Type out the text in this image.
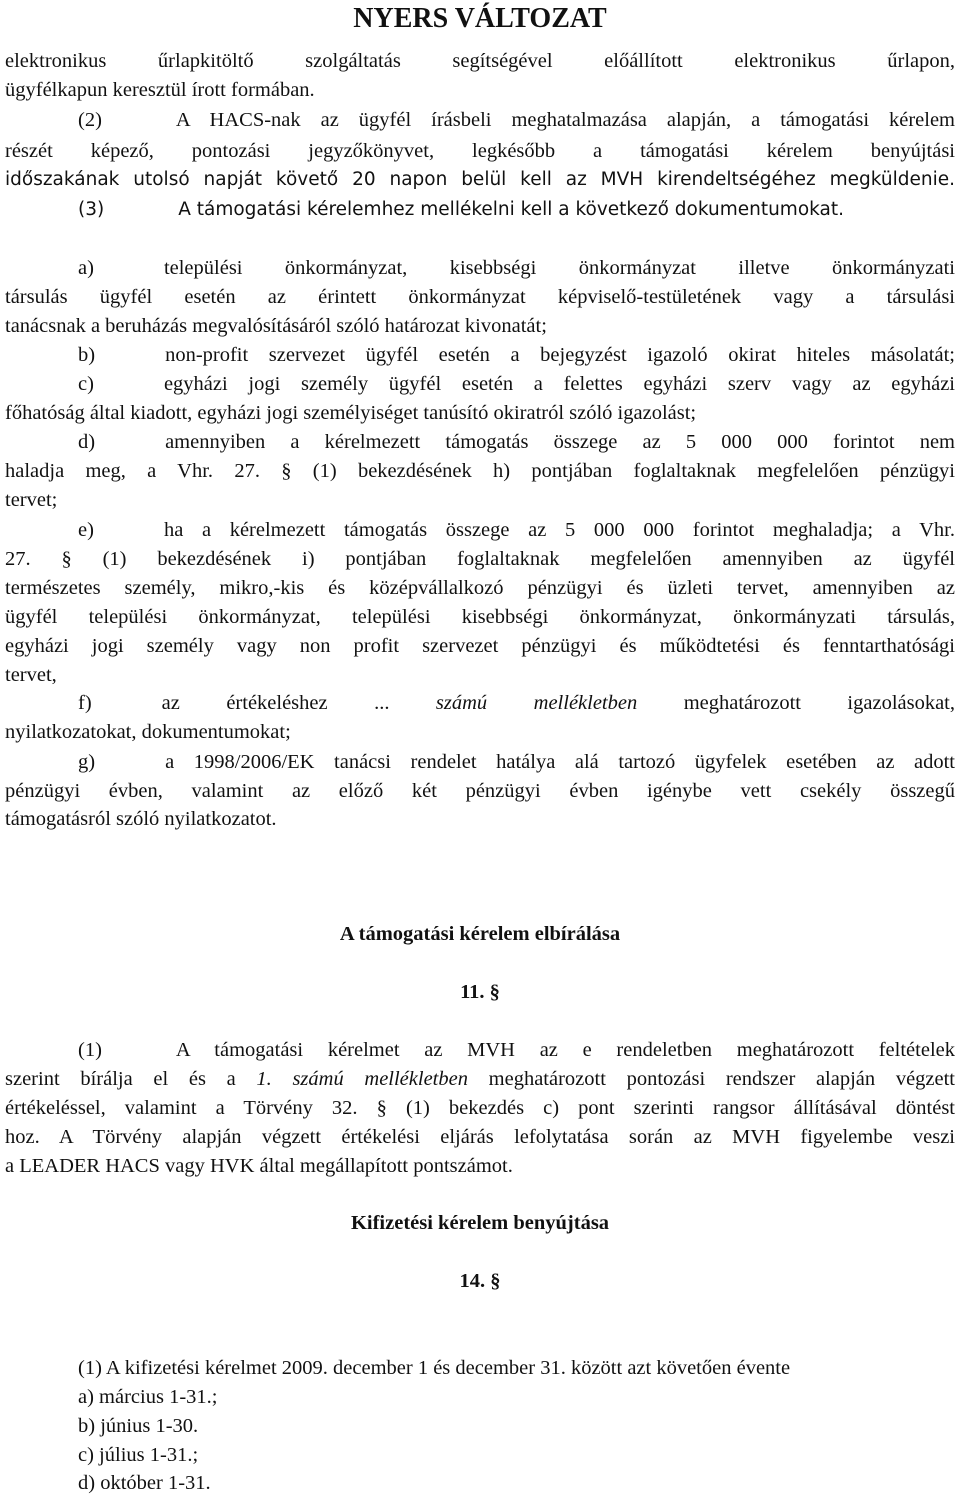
NYERS VÁLTOZAT
elektronikus űrlapkitöltő szolgáltatás segítségével előállított elektronikus űrlapon,
ügyfélkapun keresztül írott formában.
(2)	A HACS-nak az ügyfél írásbeli meghatalmazása alapján, a támogatási kérelem
részét képező, pontozási jegyzőkönyvet, legkésőbb a támogatási kérelem benyújtási
időszakának utolsó napját követő 20 napon belül kell az MVH kirendeltségéhez megküldenie.
(3)	A támogatási kérelemhez mellékelni kell a következő dokumentumokat.
a)	települési önkormányzat, kisebbségi önkormányzat illetve önkormányzati
társulás ügyfél esetén az érintett önkormányzat képviselő-testületének vagy a társulási
tanácsnak a beruházás megvalósításáról szóló határozat kivonatát;
b)	non-profit szervezet ügyfél esetén a bejegyzést igazoló okirat hiteles másolatát;
c)	egyházi jogi személy ügyfél esetén a felettes egyházi szerv vagy az egyházi
főhatóság által kiadott, egyházi jogi személyiséget tanúsító okiratról szóló igazolást;
d)	amennyiben a kérelmezett támogatás összege az 5 000 000 forintot nem
haladja meg, a Vhr. 27. § (1) bekezdésének h) pontjában foglaltaknak megfelelően pénzügyi
tervet;
e)	ha a kérelmezett támogatás összege az 5 000 000 forintot meghaladja; a Vhr.
27. § (1) bekezdésének i) pontjában foglaltaknak megfelelően amennyiben az ügyfél
természetes személy, mikro,-kis és középvállalkozó pénzügyi és üzleti tervet, amennyiben az
ügyfél települési önkormányzat, települési kisebbségi önkormányzat, önkormányzati társulás,
egyházi jogi személy vagy non profit szervezet pénzügyi és működtetési és fenntarthatósági
tervet,
f)	az értékeléshez ... számú mellékletben meghatározott igazolásokat,
nyilatkozatokat, dokumentumokat;
g)	a 1998/2006/EK tanácsi rendelet hatálya alá tartozó ügyfelek esetében az adott
pénzügyi évben, valamint az előző két pénzügyi évben igénybe vett csekély összegű
támogatásról szóló nyilatkozatot.
A támogatási kérelem elbírálása
11. §
(1)	A támogatási kérelmet az MVH az e rendeletben meghatározott feltételek
szerint bírálja el és a 1. számú mellékletben meghatározott pontozási rendszer alapján végzett
értékeléssel, valamint a Törvény 32. § (1) bekezdés c) pont szerinti rangsor állításával döntést
hoz. A Törvény alapján végzett értékelési eljárás lefolytatása során az MVH figyelembe veszi
a LEADER HACS vagy HVK által megállapított pontszámot.
Kifizetési kérelem benyújtása
14. §
(1) A kifizetési kérelmet 2009. december 1 és december 31. között azt követően évente
a) március 1-31.;
b) június 1-30.
c) július 1-31.;
d) október 1-31.
